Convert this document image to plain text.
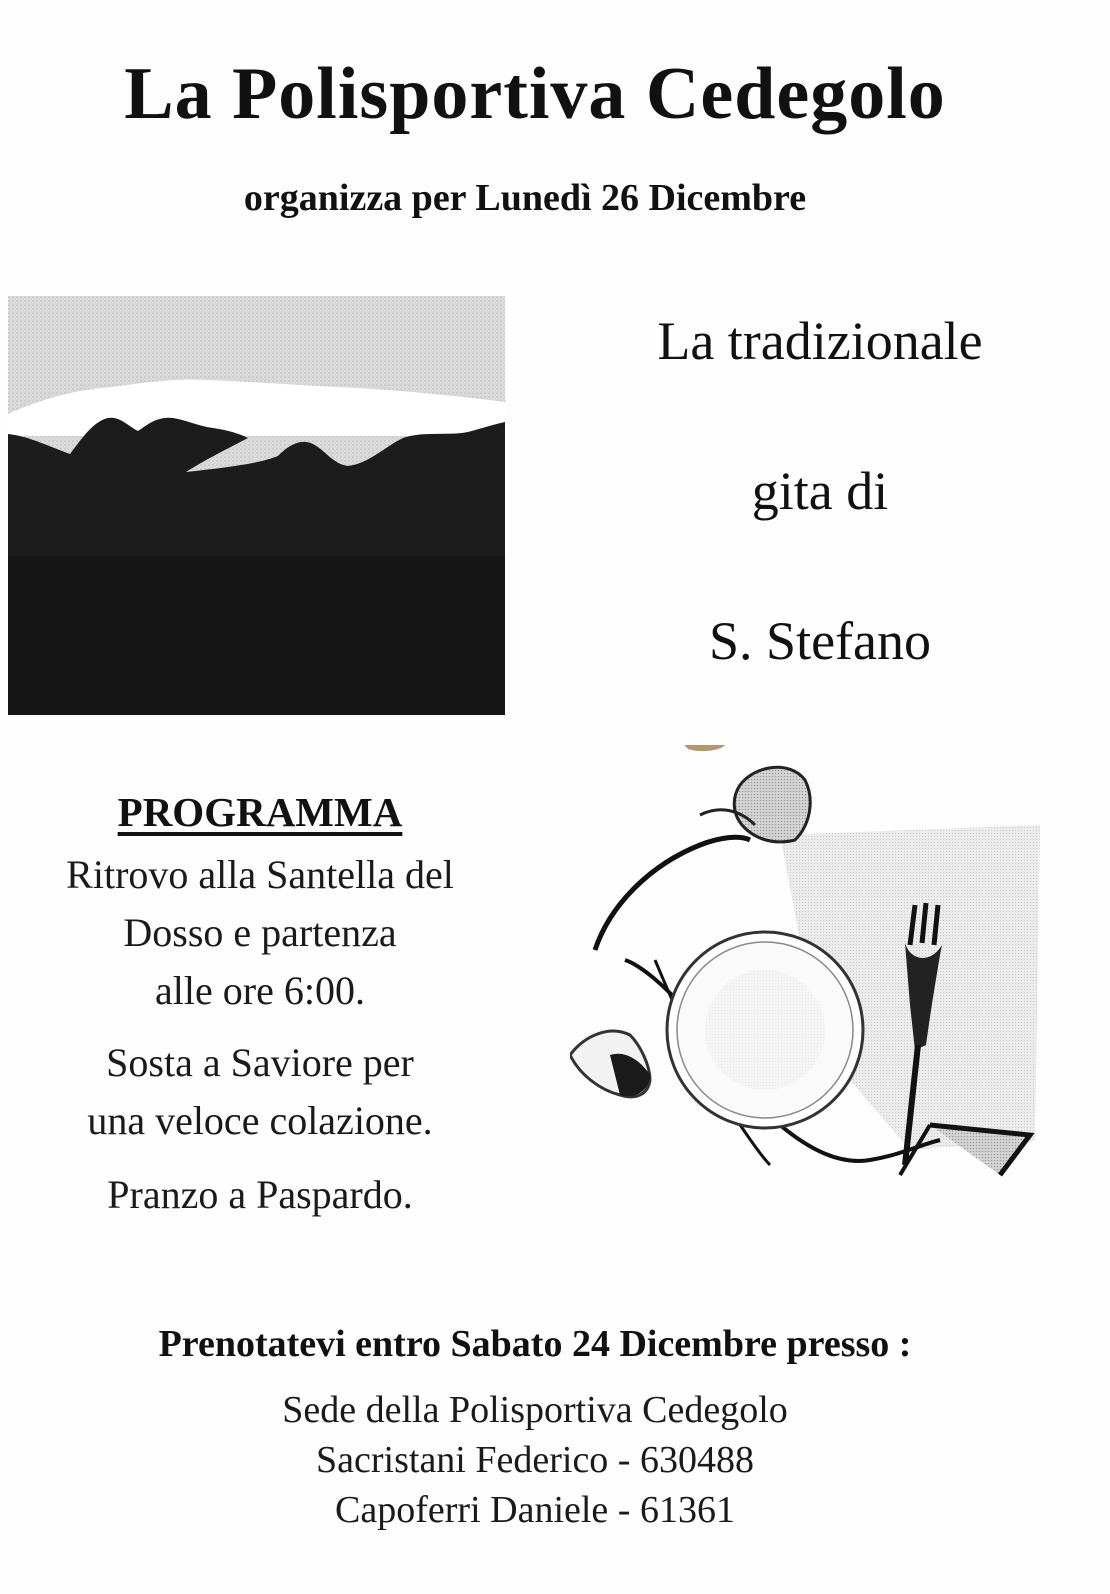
La Polisportiva Cedegolo
organizza per Lunedì 26 Dicembre
La tradizionale
gita di
S. Stefano
PROGRAMMA
Ritrovo alla Santella del
Dosso e partenza
alle ore 6:00.
Sosta a Saviore per
una veloce colazione.
Pranzo a Paspardo.
Prenotatevi entro Sabato 24 Dicembre presso :
Sede della Polisportiva Cedegolo
Sacristani Federico - 630488
Capoferri Daniele - 61361
